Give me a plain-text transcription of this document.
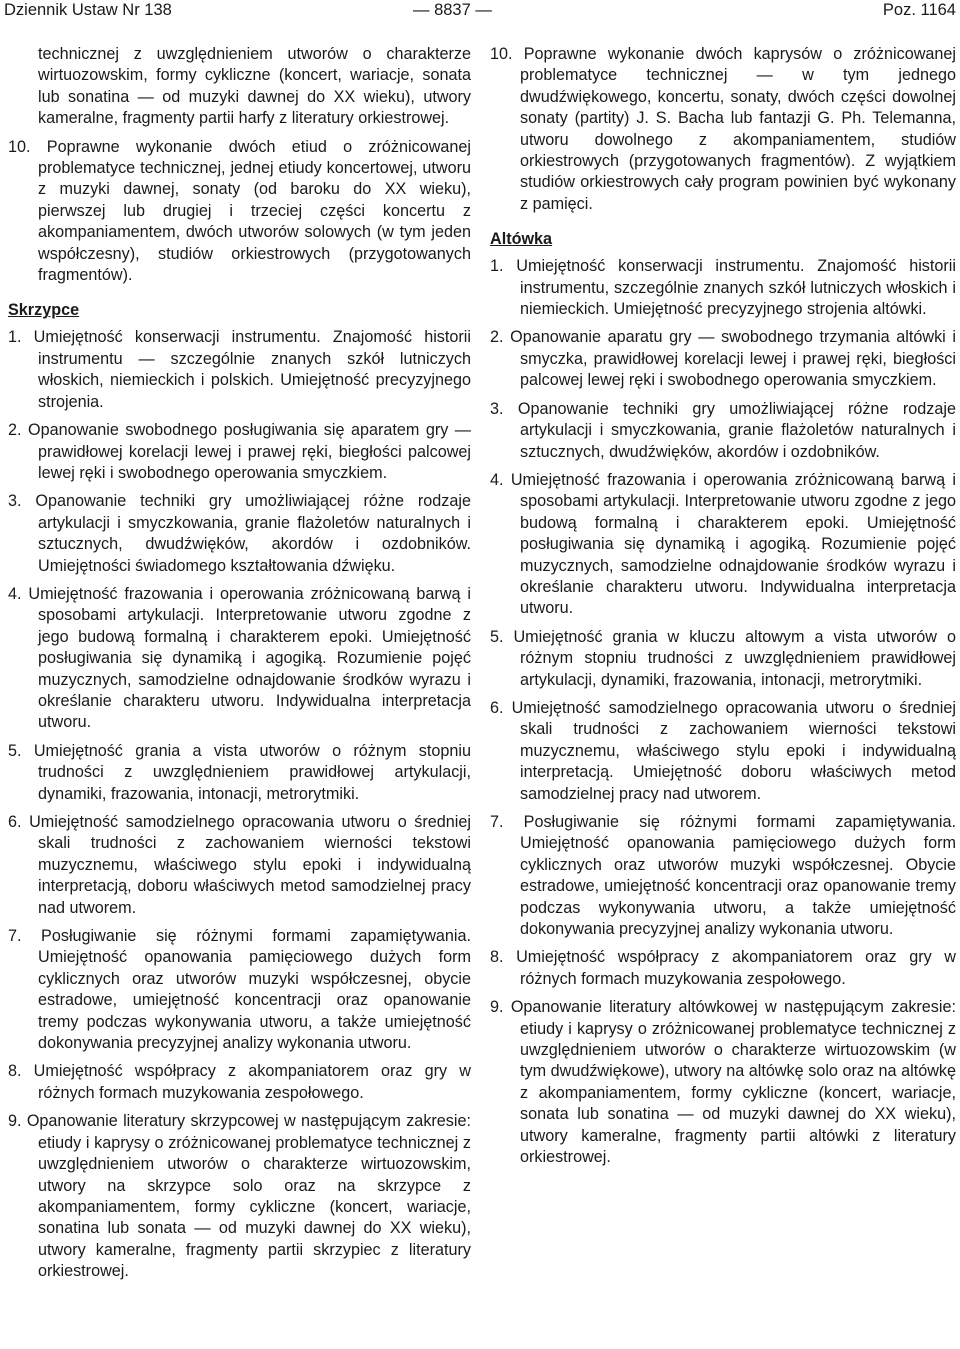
Dziennik Ustaw Nr 138	— 8837 —	Poz. 1164
technicznej z uwzględnieniem utworów o charakterze wirtuozowskim, formy cykliczne (koncert, wariacje, sonata lub sonatina — od muzyki dawnej do XX wieku), utwory kameralne, fragmenty partii harfy z literatury orkiestrowej.
10. Poprawne wykonanie dwóch etiud o zróżnicowanej problematyce technicznej, jednej etiudy koncertowej, utworu z muzyki dawnej, sonaty (od baroku do XX wieku), pierwszej lub drugiej i trzeciej części koncertu z akompaniamentem, dwóch utworów solowych (w tym jeden współczesny), studiów orkiestrowych (przygotowanych fragmentów).
Skrzypce
1. Umiejętność konserwacji instrumentu. Znajomość historii instrumentu — szczególnie znanych szkół lutniczych włoskich, niemieckich i polskich. Umiejętność precyzyjnego strojenia.
2. Opanowanie swobodnego posługiwania się aparatem gry — prawidłowej korelacji lewej i prawej ręki, biegłości palcowej lewej ręki i swobodnego operowania smyczkiem.
3. Opanowanie techniki gry umożliwiającej różne rodzaje artykulacji i smyczkowania, granie flażoletów naturalnych i sztucznych, dwudźwięków, akordów i ozdobników. Umiejętności świadomego kształtowania dźwięku.
4. Umiejętność frazowania i operowania zróżnicowaną barwą i sposobami artykulacji. Interpretowanie utworu zgodne z jego budową formalną i charakterem epoki. Umiejętność posługiwania się dynamiką i agogiką. Rozumienie pojęć muzycznych, samodzielne odnajdowanie środków wyrazu i określanie charakteru utworu. Indywidualna interpretacja utworu.
5. Umiejętność grania a vista utworów o różnym stopniu trudności z uwzględnieniem prawidłowej artykulacji, dynamiki, frazowania, intonacji, metrorytmiki.
6. Umiejętność samodzielnego opracowania utworu o średniej skali trudności z zachowaniem wierności tekstowi muzycznemu, właściwego stylu epoki i indywidualną interpretacją, doboru właściwych metod samodzielnej pracy nad utworem.
7. Posługiwanie się różnymi formami zapamiętywania. Umiejętność opanowania pamięciowego dużych form cyklicznych oraz utworów muzyki współczesnej, obycie estradowe, umiejętność koncentracji oraz opanowanie tremy podczas wykonywania utworu, a także umiejętność dokonywania precyzyjnej analizy wykonania utworu.
8. Umiejętność współpracy z akompaniatorem oraz gry w różnych formach muzykowania zespołowego.
9. Opanowanie literatury skrzypcowej w następującym zakresie: etiudy i kaprysy o zróżnicowanej problematyce technicznej z uwzględnieniem utworów o charakterze wirtuozowskim, utwory na skrzypce solo oraz na skrzypce z akompaniamentem, formy cykliczne (koncert, wariacje, sonatina lub sonata — od muzyki dawnej do XX wieku), utwory kameralne, fragmenty partii skrzypiec z literatury orkiestrowej.
10. Poprawne wykonanie dwóch kaprysów o zróżnicowanej problematyce technicznej — w tym jednego dwudźwiękowego, koncertu, sonaty, dwóch części dowolnej sonaty (partity) J. S. Bacha lub fantazji G. Ph. Telemanna, utworu dowolnego z akompaniamentem, studiów orkiestrowych (przygotowanych fragmentów). Z wyjątkiem studiów orkiestrowych cały program powinien być wykonany z pamięci.
Altówka
1. Umiejętność konserwacji instrumentu. Znajomość historii instrumentu, szczególnie znanych szkół lutniczych włoskich i niemieckich. Umiejętność precyzyjnego strojenia altówki.
2. Opanowanie aparatu gry — swobodnego trzymania altówki i smyczka, prawidłowej korelacji lewej i prawej ręki, biegłości palcowej lewej ręki i swobodnego operowania smyczkiem.
3. Opanowanie techniki gry umożliwiającej różne rodzaje artykulacji i smyczkowania, granie flażoletów naturalnych i sztucznych, dwudźwięków, akordów i ozdobników.
4. Umiejętność frazowania i operowania zróżnicowaną barwą i sposobami artykulacji. Interpretowanie utworu zgodne z jego budową formalną i charakterem epoki. Umiejętność posługiwania się dynamiką i agogiką. Rozumienie pojęć muzycznych, samodzielne odnajdowanie środków wyrazu i określanie charakteru utworu. Indywidualna interpretacja utworu.
5. Umiejętność grania w kluczu altowym a vista utworów o różnym stopniu trudności z uwzględnieniem prawidłowej artykulacji, dynamiki, frazowania, intonacji, metrorytmiki.
6. Umiejętność samodzielnego opracowania utworu o średniej skali trudności z zachowaniem wierności tekstowi muzycznemu, właściwego stylu epoki i indywidualną interpretacją. Umiejętność doboru właściwych metod samodzielnej pracy nad utworem.
7. Posługiwanie się różnymi formami zapamiętywania. Umiejętność opanowania pamięciowego dużych form cyklicznych oraz utworów muzyki współczesnej. Obycie estradowe, umiejętność koncentracji oraz opanowanie tremy podczas wykonywania utworu, a także umiejętność dokonywania precyzyjnej analizy wykonania utworu.
8. Umiejętność współpracy z akompaniatorem oraz gry w różnych formach muzykowania zespołowego.
9. Opanowanie literatury altówkowej w następującym zakresie: etiudy i kaprysy o zróżnicowanej problematyce technicznej z uwzględnieniem utworów o charakterze wirtuozowskim (w tym dwudźwiękowe), utwory na altówkę solo oraz na altówkę z akompaniamentem, formy cykliczne (koncert, wariacje, sonata lub sonatina — od muzyki dawnej do XX wieku), utwory kameralne, fragmenty partii altówki z literatury orkiestrowej.
